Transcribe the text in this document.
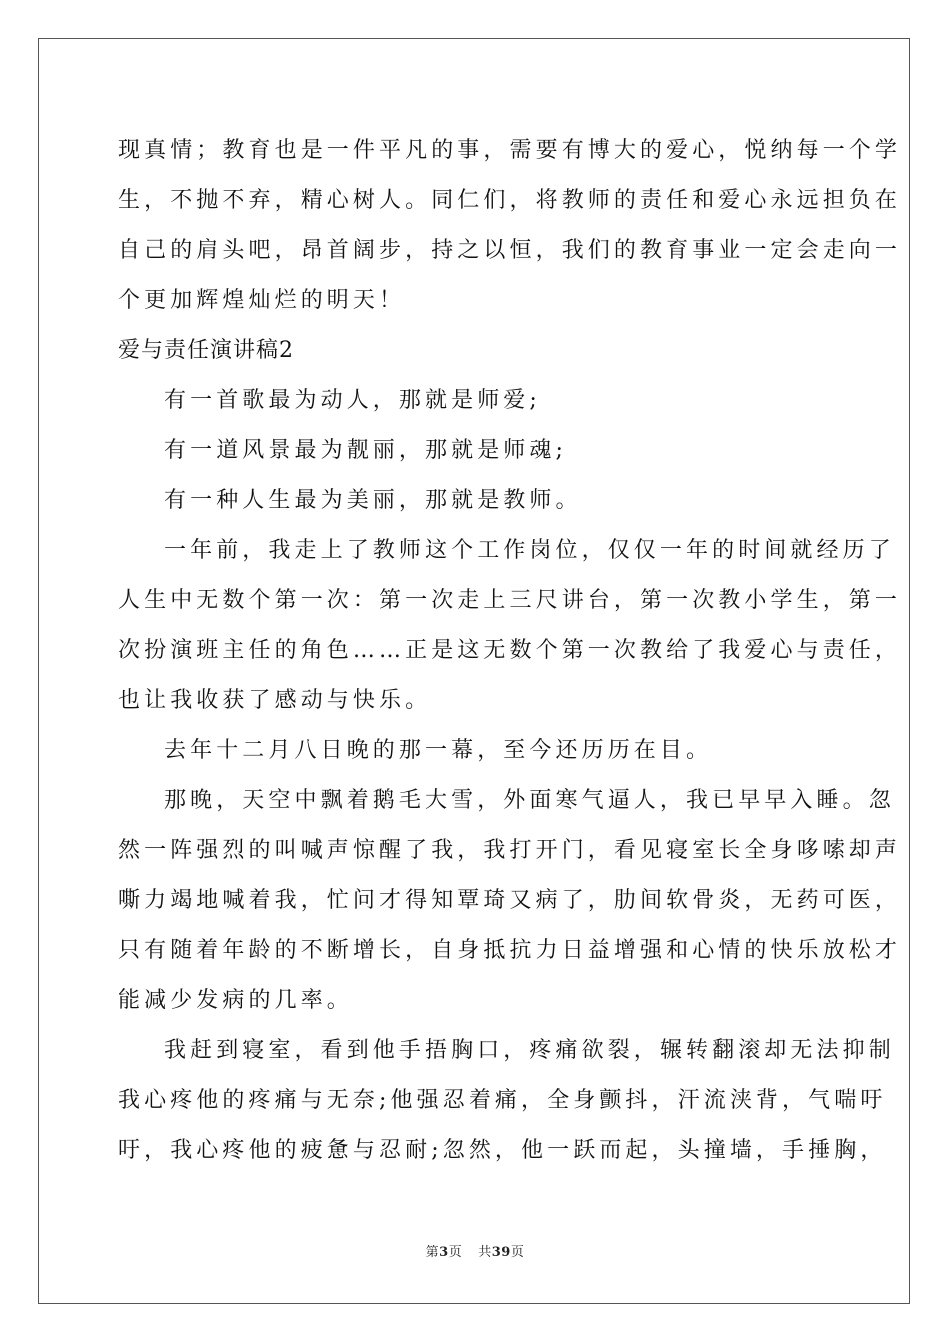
现真情；教育也是一件平凡的事，需要有博大的爱心，悦纳每一个学
生，不抛不弃，精心树人。同仁们，将教师的责任和爱心永远担负在
自己的肩头吧，昂首阔步，持之以恒，我们的教育事业一定会走向一
个更加辉煌灿烂的明天！
爱与责任演讲稿2
有一首歌最为动人，那就是师爱;
有一道风景最为靓丽，那就是师魂;
有一种人生最为美丽，那就是教师。
一年前，我走上了教师这个工作岗位，仅仅一年的时间就经历了
人生中无数个第一次：第一次走上三尺讲台，第一次教小学生，第一
次扮演班主任的角色……正是这无数个第一次教给了我爱心与责任，
也让我收获了感动与快乐。
去年十二月八日晚的那一幕，至今还历历在目。
那晚，天空中飘着鹅毛大雪，外面寒气逼人，我已早早入睡。忽
然一阵强烈的叫喊声惊醒了我，我打开门，看见寝室长全身哆嗦却声
嘶力竭地喊着我，忙问才得知覃琦又病了，肋间软骨炎，无药可医，
只有随着年龄的不断增长，自身抵抗力日益增强和心情的快乐放松才
能减少发病的几率。
我赶到寝室，看到他手捂胸口，疼痛欲裂，辗转翻滚却无法抑制
我心疼他的疼痛与无奈;他强忍着痛，全身颤抖，汗流浃背，气喘吁
吁，我心疼他的疲惫与忍耐;忽然，他一跃而起，头撞墙，手捶胸，
第3页 共39页
